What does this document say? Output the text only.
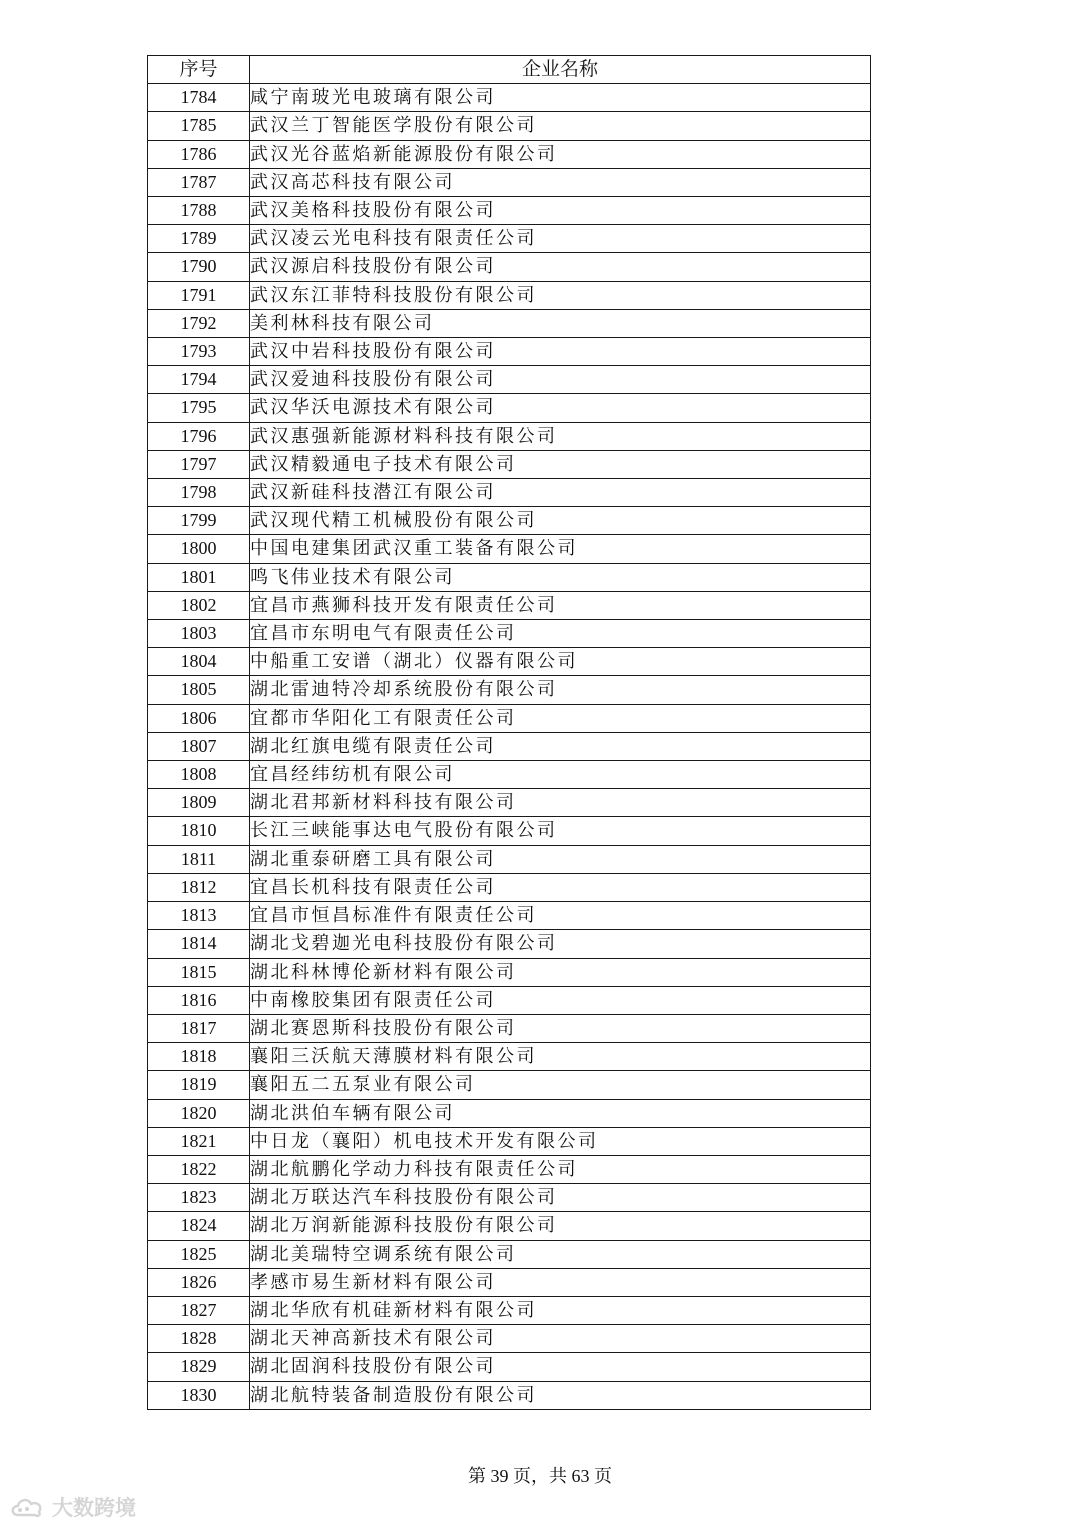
序号	企业名称
1784	咸宁南玻光电玻璃有限公司
1785	武汉兰丁智能医学股份有限公司
1786	武汉光谷蓝焰新能源股份有限公司
1787	武汉高芯科技有限公司
1788	武汉美格科技股份有限公司
1789	武汉凌云光电科技有限责任公司
1790	武汉源启科技股份有限公司
1791	武汉东江菲特科技股份有限公司
1792	美利林科技有限公司
1793	武汉中岩科技股份有限公司
1794	武汉爱迪科技股份有限公司
1795	武汉华沃电源技术有限公司
1796	武汉惠强新能源材料科技有限公司
1797	武汉精毅通电子技术有限公司
1798	武汉新硅科技潜江有限公司
1799	武汉现代精工机械股份有限公司
1800	中国电建集团武汉重工装备有限公司
1801	鸣飞伟业技术有限公司
1802	宜昌市燕狮科技开发有限责任公司
1803	宜昌市东明电气有限责任公司
1804	中船重工安谱（湖北）仪器有限公司
1805	湖北雷迪特冷却系统股份有限公司
1806	宜都市华阳化工有限责任公司
1807	湖北红旗电缆有限责任公司
1808	宜昌经纬纺机有限公司
1809	湖北君邦新材料科技有限公司
1810	长江三峡能事达电气股份有限公司
1811	湖北重泰研磨工具有限公司
1812	宜昌长机科技有限责任公司
1813	宜昌市恒昌标准件有限责任公司
1814	湖北戈碧迦光电科技股份有限公司
1815	湖北科林博伦新材料有限公司
1816	中南橡胶集团有限责任公司
1817	湖北赛恩斯科技股份有限公司
1818	襄阳三沃航天薄膜材料有限公司
1819	襄阳五二五泵业有限公司
1820	湖北洪伯车辆有限公司
1821	中日龙（襄阳）机电技术开发有限公司
1822	湖北航鹏化学动力科技有限责任公司
1823	湖北万联达汽车科技股份有限公司
1824	湖北万润新能源科技股份有限公司
1825	湖北美瑞特空调系统有限公司
1826	孝感市易生新材料有限公司
1827	湖北华欣有机硅新材料有限公司
1828	湖北天神高新技术有限公司
1829	湖北固润科技股份有限公司
1830	湖北航特装备制造股份有限公司
第 39 页，共 63 页
大数跨境
